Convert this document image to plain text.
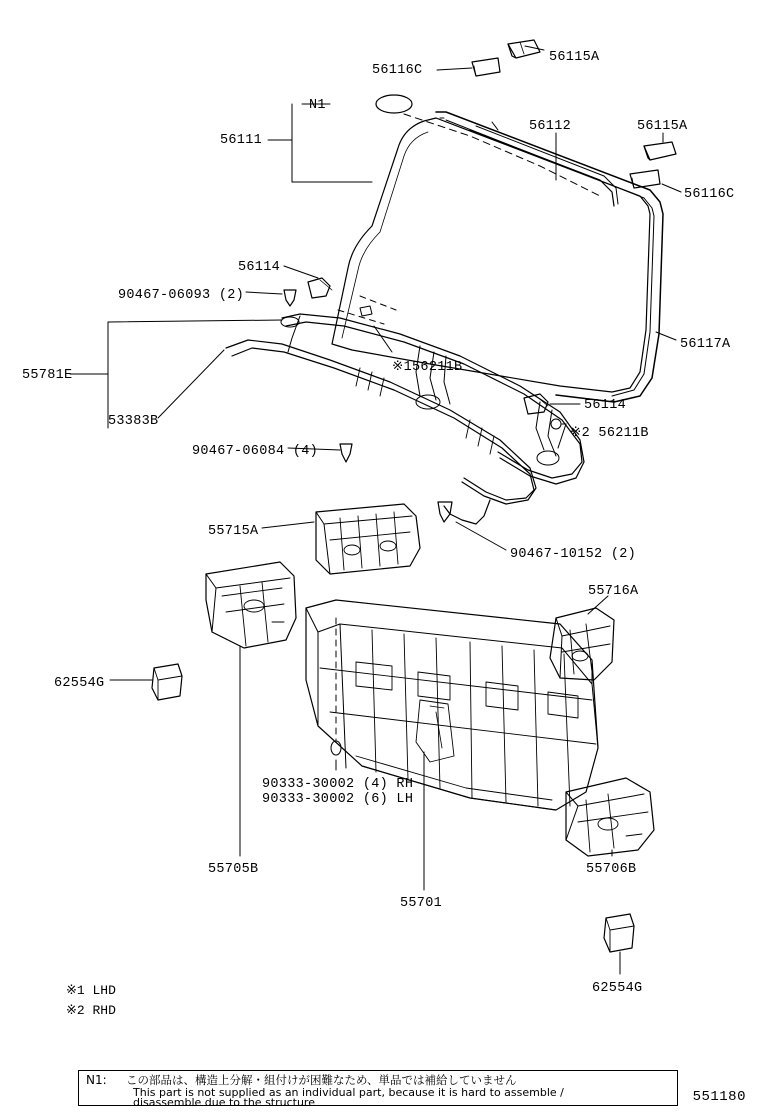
56116C
56115A
N1
56112	56115A
56111
56116C
56114
90467-06093 (2)
56117A
※156211B
55781E
56114
53383B
※2 56211B
90467-06084 (4)
55715A
90467-10152 (2)
55716A
62554G
90333-30002 (4) RH
90333-30002 (6) LH
55705B	55706B
55701
62554G
※1 LHD
※2 RHD
N1: この部品は、構造上分解・組付けが困難なため、単品では補給していません
This part is not supplied as an individual part, because it is hard to assemble /
disassemble due to the structure	551180
